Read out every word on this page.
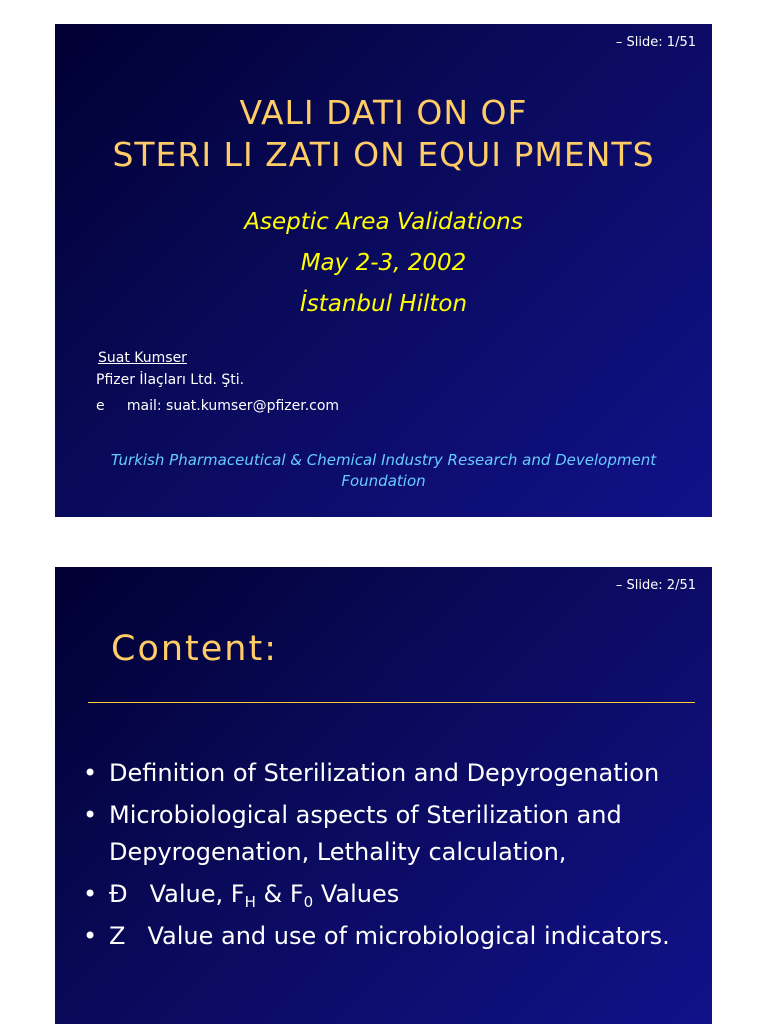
– Slide: 1/51
VALI DATI ON OF
STERI LI ZATI ON EQUI PMENTS
Aseptic Area Validations
May 2-3, 2002
İstanbul Hilton
Suat Kumser
Pfizer İlaçları Ltd. Şti.
e     mail: suat.kumser@pfizer.com
Turkish Pharmaceutical & Chemical Industry Research and Development Foundation
– Slide: 2/51
Content:
• Definition of Sterilization and Depyrogenation
• Microbiological aspects of Sterilization and Depyrogenation, Lethality calculation,
• Đ Value, $F_H$ & $F_0$ Values
• Z Value and use of microbiological indicators.
